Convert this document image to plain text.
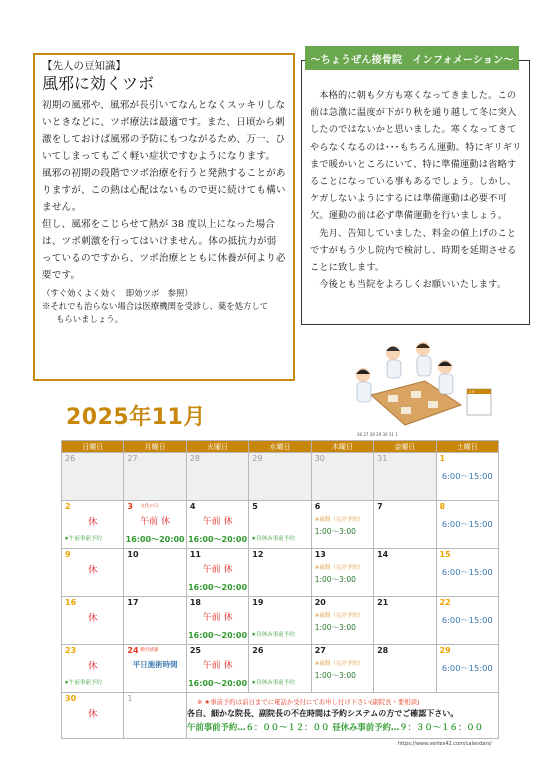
【先人の豆知識】
風邪に効くツボ

初期の風邪や、風邪が長引いてなんとなくスッキリしないときなどに、ツボ療法は最適です。また、日頃から刺激をしておけば風邪の予防にもつながるため、万一、ひいてしまってもごく軽い症状ですむようになります。

風邪の初期の段階でツボ治療を行うと発熱することがありますが、この熱は心配はないもので更に続けても構いません。

但し、風邪をこじらせて熱が 38 度以上になった場合は、ツボ刺激を行ってはいけません。体の抵抗力が弱っているのですから、ツボ治療とともに休養が何より必要です。

（すぐ効くよく効く　即効ツボ　参照）
※それでも治らない場合は医療機関を受診し、薬を処方して
もらいましょう。

本格的に朝も夕方も寒くなってきました。この前は急激に温度が下がり秋を通り越して冬に突入したのではないかと思いました。寒くなってきてやらなくなるのは･･･もちろん運動。特にギリギリまで暖かいところにいて、特に準備運動は省略することになっている事もあるでしょう。しかし、ケガしないようにするには準備運動は必要不可欠。運動の前は必ず準備運動を行いましょう。

先月、告知していました、料金の値上げのことですがもう少し院内で検討し、時期を延期させることに致します。

今後とも当院をよろしくお願いいたします。

～ちょうぜん接骨院　インフォメーション～
2月
26 27 28 29 30 31 1
2025年11月
日曜日	月曜日	火曜日	水曜日	木曜日	金曜日	土曜日

26	27	28	29	30	31	1
6:00～15:00

2
休
★午前事前予約	3 文化の日
午前 休
16:00～20:00	4
午前 休
16:00～20:00	5
★昼休み事前予約	6
※夜間（完全予約）
1:00～3:00	7	8
6:00～15:00

9
休	10	11
午前 休
16:00～20:00	12	13
※夜間（完全予約）
1:00～3:00	14	15
6:00～15:00

16
休	17	18
午前 休
16:00～20:00	19
★昼休み事前予約	20
※夜間（完全予約）
1:00～3:00	21	22
6:00～15:00

23
休
★午前事前予約	24 勤労感謝
平日施術時間	25
午前 休
16:00～20:00	26
★昼休み事前予約	27
※夜間（完全予約）
1:00～3:00	28	29
6:00～15:00

30
休	1					
		※ ★事前予約は前日までに電話か受付にてお申し付け下さい(副院長・要相談)
各自、細かな院長、副院長の不在時間は予約システムの方でご確認下さい。
午前事前予約…６：００～１２：００ 昼休み事前予約…９：３０～１６：００
https://www.vertex42.com/calendars/
